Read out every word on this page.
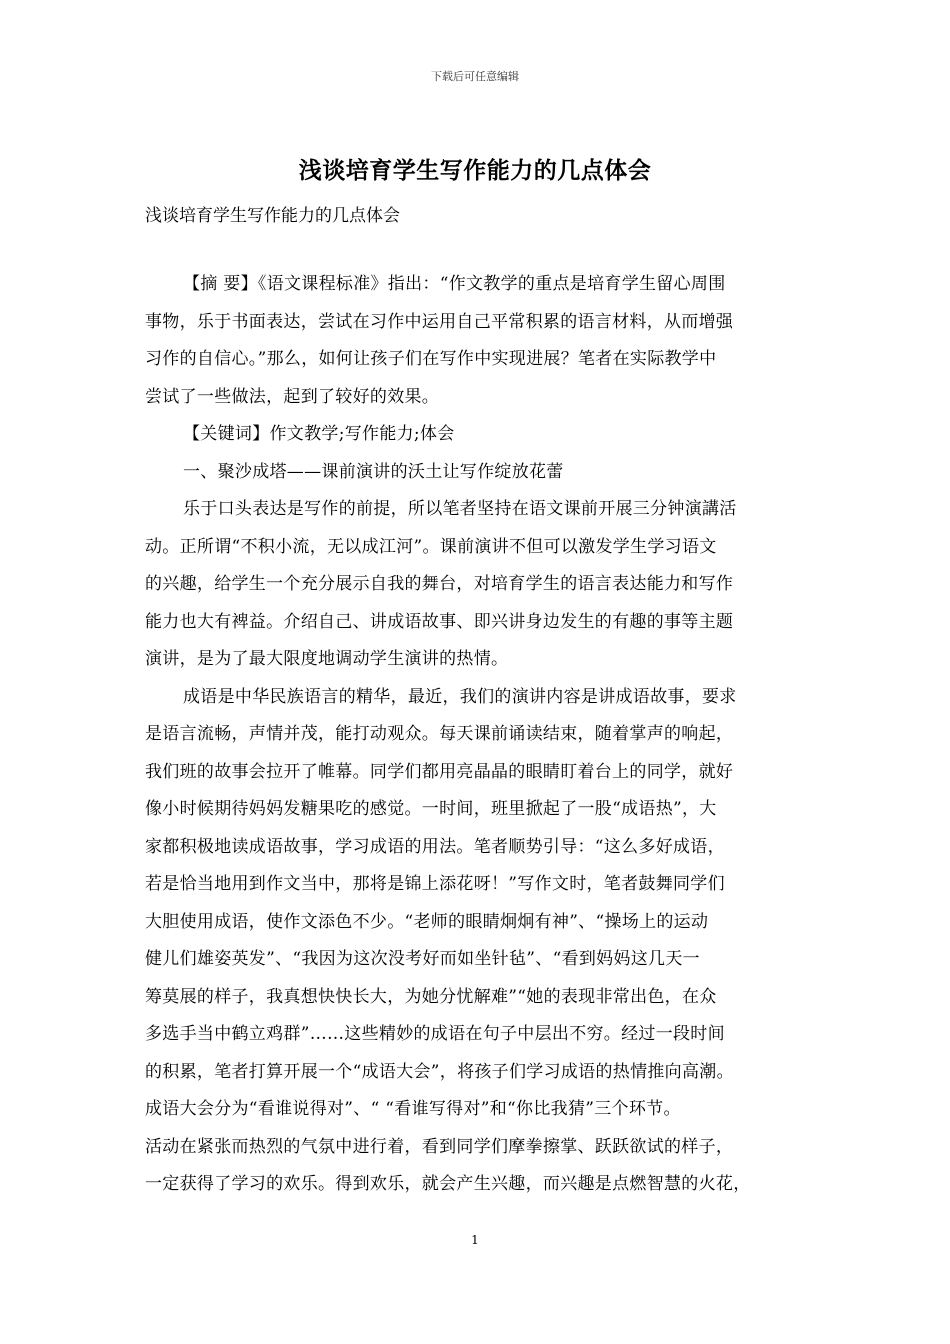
下载后可任意编辑
浅谈培育学生写作能力的几点体会
浅谈培育学生写作能力的几点体会
【摘 要】《语文课程标准》指出：“作文教学的重点是培育学生留心周围
事物，乐于书面表达，尝试在习作中运用自己平常积累的语言材料，从而增强
习作的自信心。”那么，如何让孩子们在写作中实现进展？笔者在实际教学中
尝试了一些做法，起到了较好的效果。
【关键词】作文教学;写作能力;体会
一、聚沙成塔——课前演讲的沃土让写作绽放花蕾
乐于口头表达是写作的前提，所以笔者坚持在语文课前开展三分钟演講活
动。正所谓“不积小流，无以成江河”。课前演讲不但可以激发学生学习语文
的兴趣，给学生一个充分展示自我的舞台，对培育学生的语言表达能力和写作
能力也大有裨益。介绍自己、讲成语故事、即兴讲身边发生的有趣的事等主题
演讲，是为了最大限度地调动学生演讲的热情。
成语是中华民族语言的精华，最近，我们的演讲内容是讲成语故事，要求
是语言流畅，声情并茂，能打动观众。每天课前诵读结束，随着掌声的响起，
我们班的故事会拉开了帷幕。同学们都用亮晶晶的眼睛盯着台上的同学，就好
像小时候期待妈妈发糖果吃的感觉。一时间，班里掀起了一股“成语热”，大
家都积极地读成语故事，学习成语的用法。笔者顺势引导：“这么多好成语，
若是恰当地用到作文当中，那将是锦上添花呀！”写作文时，笔者鼓舞同学们
大胆使用成语，使作文添色不少。“老师的眼睛炯炯有神”、“操场上的运动
健儿们雄姿英发”、“我因为这次没考好而如坐针毡”、“看到妈妈这几天一
筹莫展的样子，我真想快快长大，为她分忧解难”“她的表现非常出色，在众
多选手当中鹤立鸡群”……这些精妙的成语在句子中层出不穷。经过一段时间
的积累，笔者打算开展一个“成语大会”，将孩子们学习成语的热情推向高潮。
成语大会分为“看谁说得对”、“ “看谁写得对”和“你比我猜”三个环节。
活动在紧张而热烈的气氛中进行着，看到同学们摩拳擦掌、跃跃欲试的样子，
一定获得了学习的欢乐。得到欢乐，就会产生兴趣，而兴趣是点燃智慧的火花，
1
